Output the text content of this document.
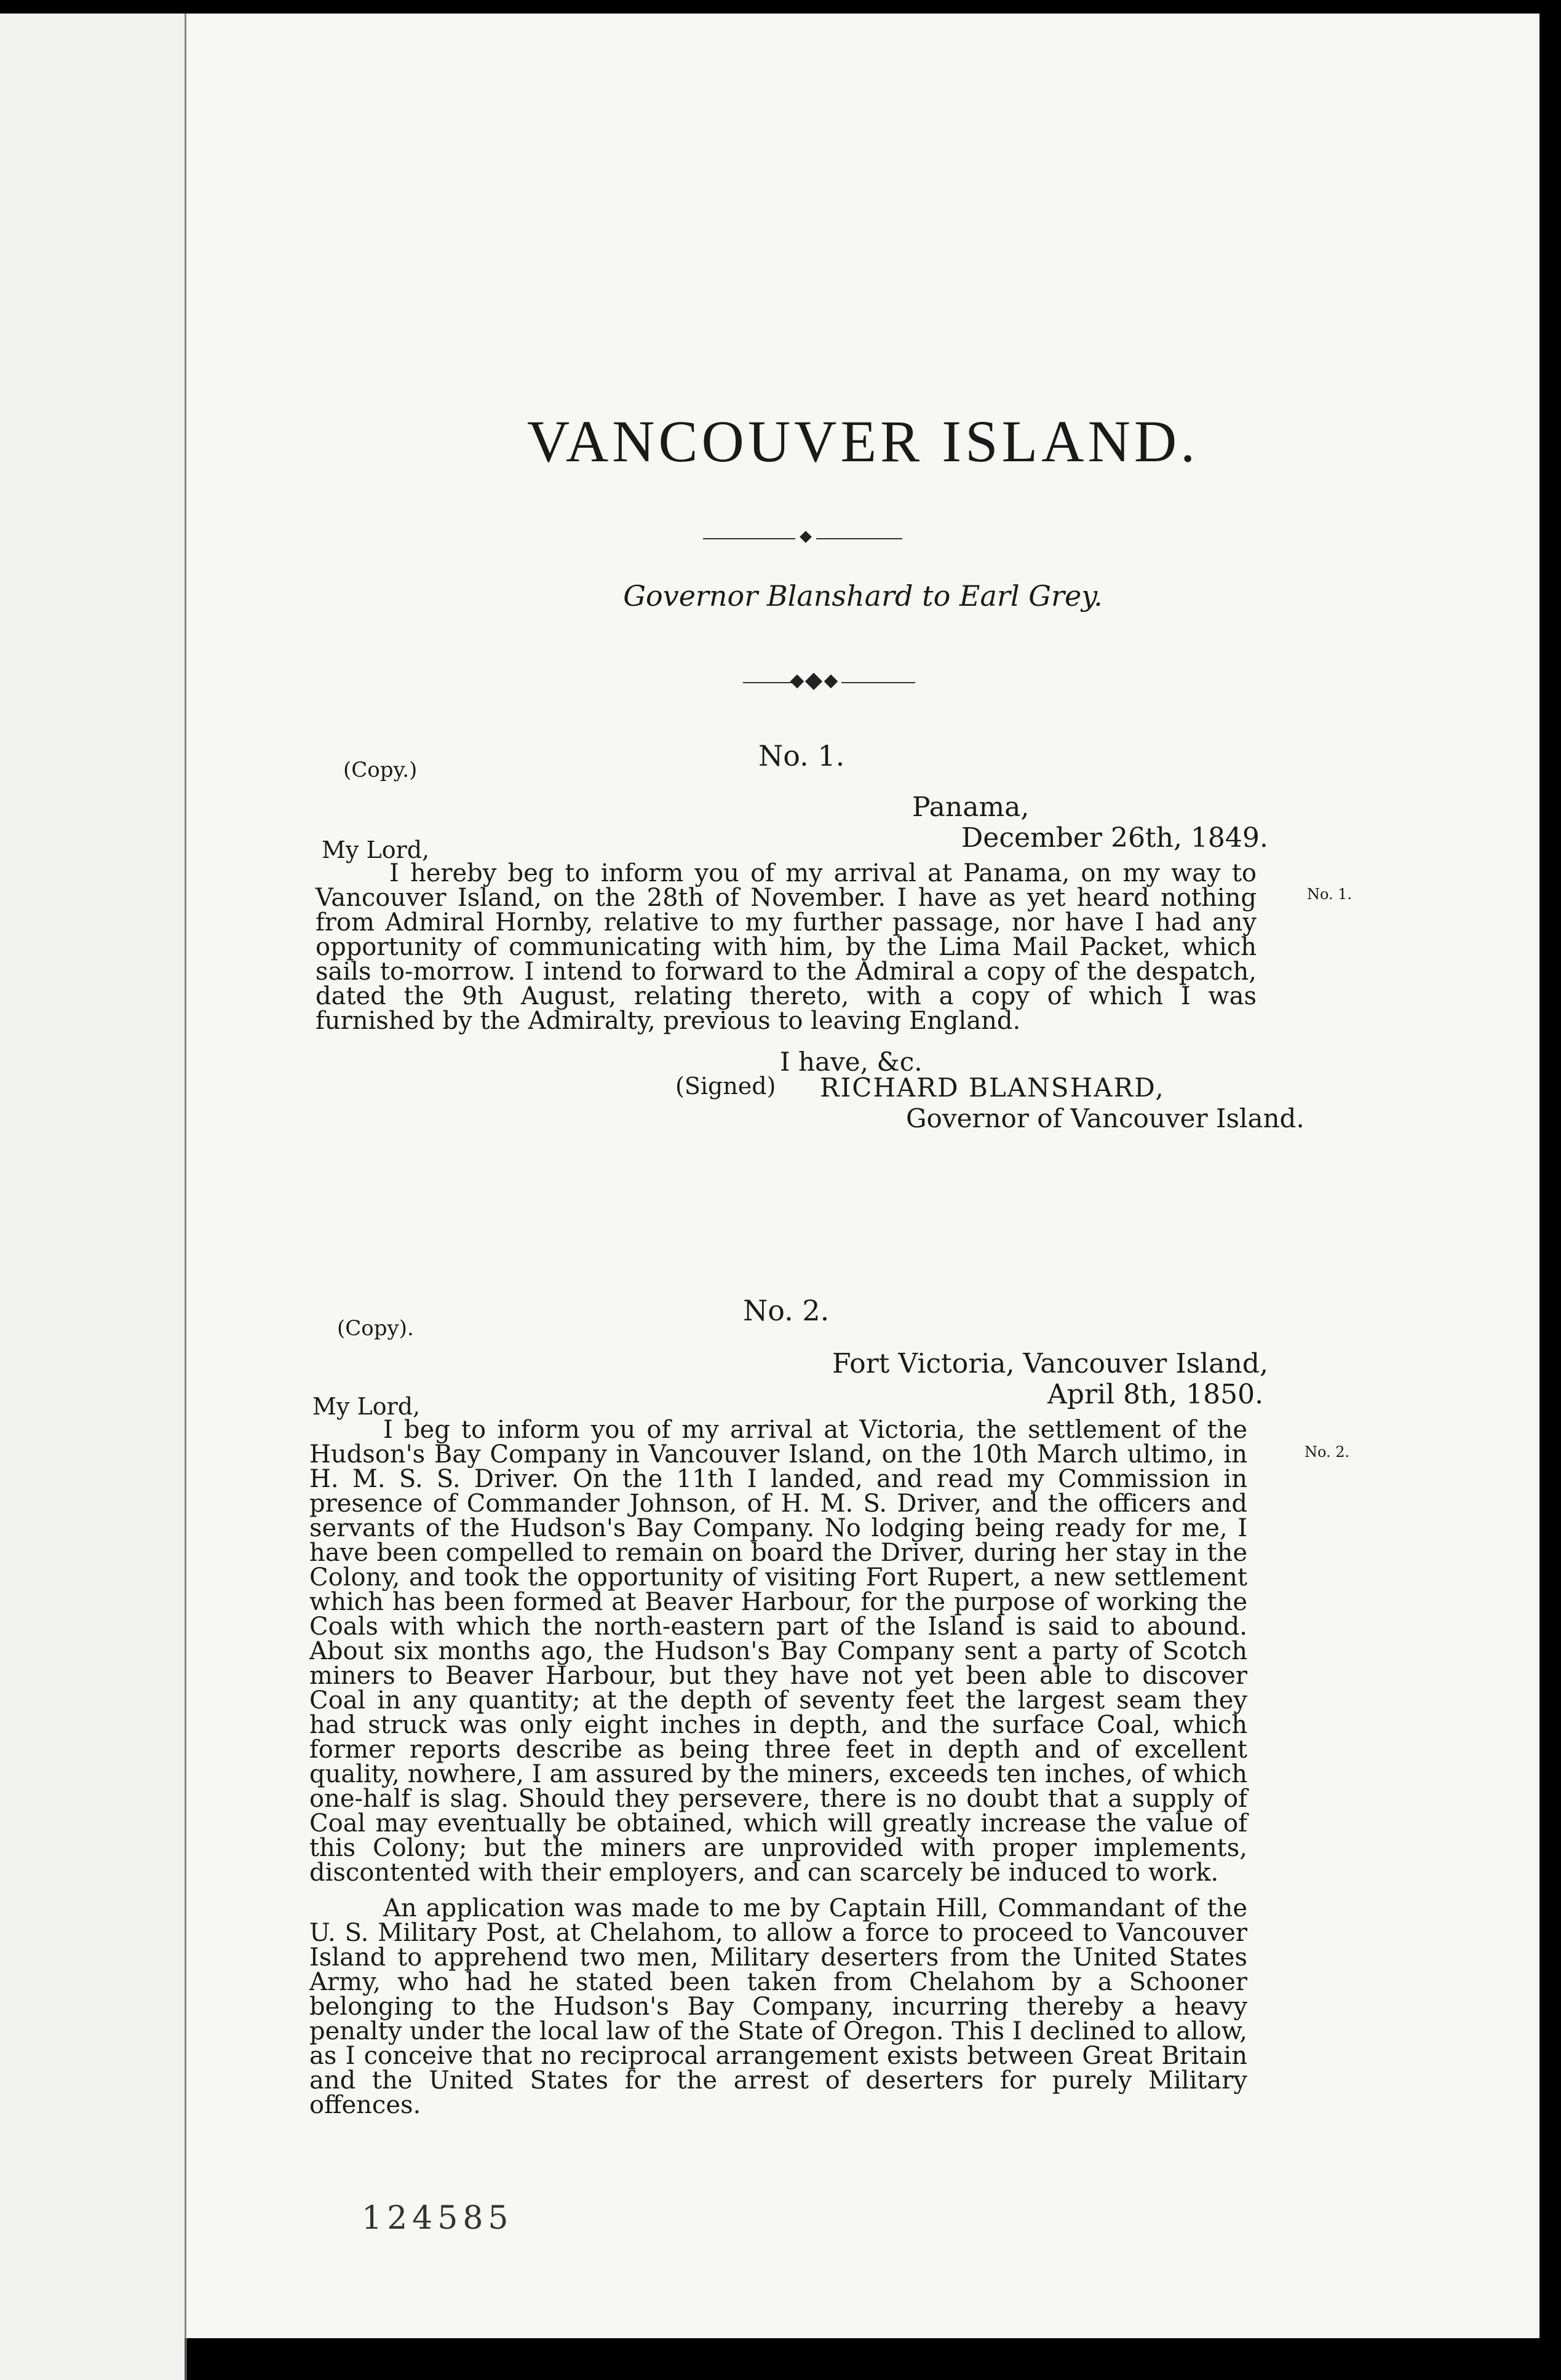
VANCOUVER ISLAND.
Governor Blanshard to Earl Grey.
(Copy.)	No. 1.
Panama,
December 26th, 1849.
My Lord,
No. 1.

I hereby beg to inform you of my arrival at Panama, on my way to Vancouver Island, on the 28th of November. I have as yet heard nothing from Admiral Hornby, relative to my further passage, nor have I had any opportunity of communicating with him, by the Lima Mail Packet, which sails to-morrow. I intend to forward to the Admiral a copy of the despatch, dated the 9th August, relating thereto, with a copy of which I was furnished by the Admiralty, previous to leaving England.

I have, &c.
(Signed) RICHARD BLANSHARD,
Governor of Vancouver Island.
(Copy).
No. 2.
Fort Victoria, Vancouver Island,
April 8th, 1850.
My Lord,
No. 2.

I beg to inform you of my arrival at Victoria, the settlement of the Hudson's Bay Company in Vancouver Island, on the 10th March ultimo, in H. M. S. S. Driver. On the 11th I landed, and read my Commission in presence of Commander Johnson, of H. M. S. Driver, and the officers and servants of the Hudson's Bay Company. No lodging being ready for me, I have been compelled to remain on board the Driver, during her stay in the Colony, and took the opportunity of visiting Fort Rupert, a new settlement which has been formed at Beaver Harbour, for the purpose of working the Coals with which the north-eastern part of the Island is said to abound. About six months ago, the Hudson's Bay Company sent a party of Scotch miners to Beaver Harbour, but they have not yet been able to discover Coal in any quantity; at the depth of seventy feet the largest seam they had struck was only eight inches in depth, and the surface Coal, which former reports describe as being three feet in depth and of excellent quality, nowhere, I am assured by the miners, exceeds ten inches, of which one-half is slag. Should they persevere, there is no doubt that a supply of Coal may eventually be obtained, which will greatly increase the value of this Colony; but the miners are unprovided with proper implements, discontented with their employers, and can scarcely be induced to work.

An application was made to me by Captain Hill, Commandant of the U. S. Military Post, at Chelahom, to allow a force to proceed to Vancouver Island to apprehend two men, Military deserters from the United States Army, who had he stated been taken from Chelahom by a Schooner belonging to the Hudson's Bay Company, incurring thereby a heavy penalty under the local law of the State of Oregon. This I declined to allow, as I conceive that no reciprocal arrangement exists between Great Britain and the United States for the arrest of deserters for purely Military offences.

124585
